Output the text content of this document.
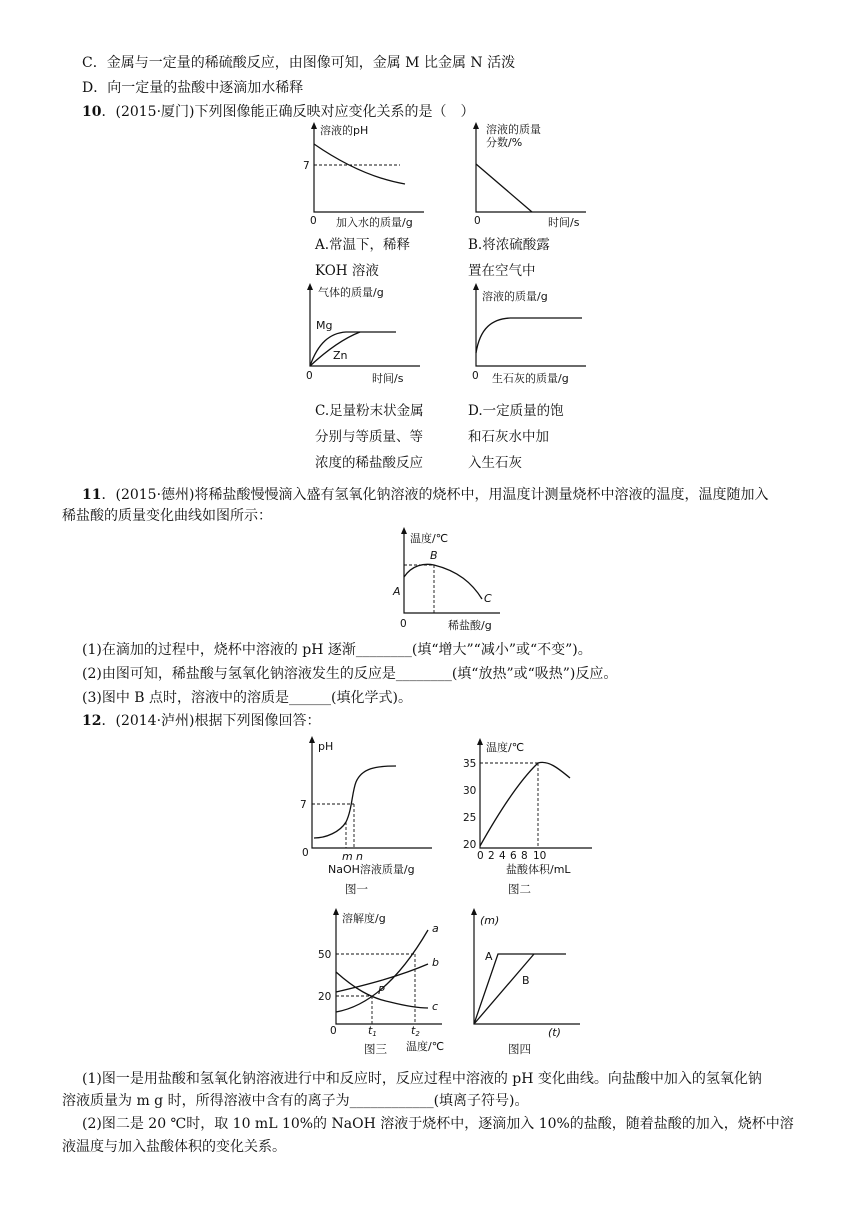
C．金属与一定量的稀硫酸反应，由图像可知，金属 M 比金属 N 活泼
D．向一定量的盐酸中逐滴加水稀释
10．(2015·厦门)下列图像能正确反映对应变化关系的是（　）
溶液的pH
7
0 加入水的质量/g
A.常温下，稀释
KOH 溶液
溶液的质量
分数/%
0	时间/s
B.将浓硫酸露
置在空气中
气体的质量/g
Mg
Zn
0	时间/s
C.足量粉末状金属
分别与等质量、等
浓度的稀盐酸反应
溶液的质量/g
0 生石灰的质量/g
D.一定质量的饱
和石灰水中加
入生石灰
11．(2015·德州)将稀盐酸慢慢滴入盛有氢氧化钠溶液的烧杯中，用温度计测量烧杯中溶液的温度，温度随加入
稀盐酸的质量变化曲线如图所示：
温度/℃
A
B
C
0	稀盐酸/g
(1)在滴加的过程中，烧杯中溶液的 pH 逐渐________(填“增大”“减小”或“不变”)。
(2)由图可知，稀盐酸与氢氧化钠溶液发生的反应是________(填“放热”或“吸热”)反应。
(3)图中 B 点时，溶液中的溶质是______(填化学式)。
12．(2014·泸州)根据下列图像回答：
pH
7
0	m n
NaOH溶液质量/g
图一
温度/℃
35
30
25
20
0 2 4 6 8 10
盐酸体积/mL
图二
溶解度/g
50
20
a
b
c
P
0	t1	t2
温度/℃
图三
(m)
A
B
(t)
图四
(1)图一是用盐酸和氢氧化钠溶液进行中和反应时，反应过程中溶液的 pH 变化曲线。向盐酸中加入的氢氧化钠
溶液质量为 m g 时，所得溶液中含有的离子为____________(填离子符号)。
(2)图二是 20 ℃时，取 10 mL 10%的 NaOH 溶液于烧杯中，逐滴加入 10%的盐酸，随着盐酸的加入，烧杯中溶
液温度与加入盐酸体积的变化关系。
